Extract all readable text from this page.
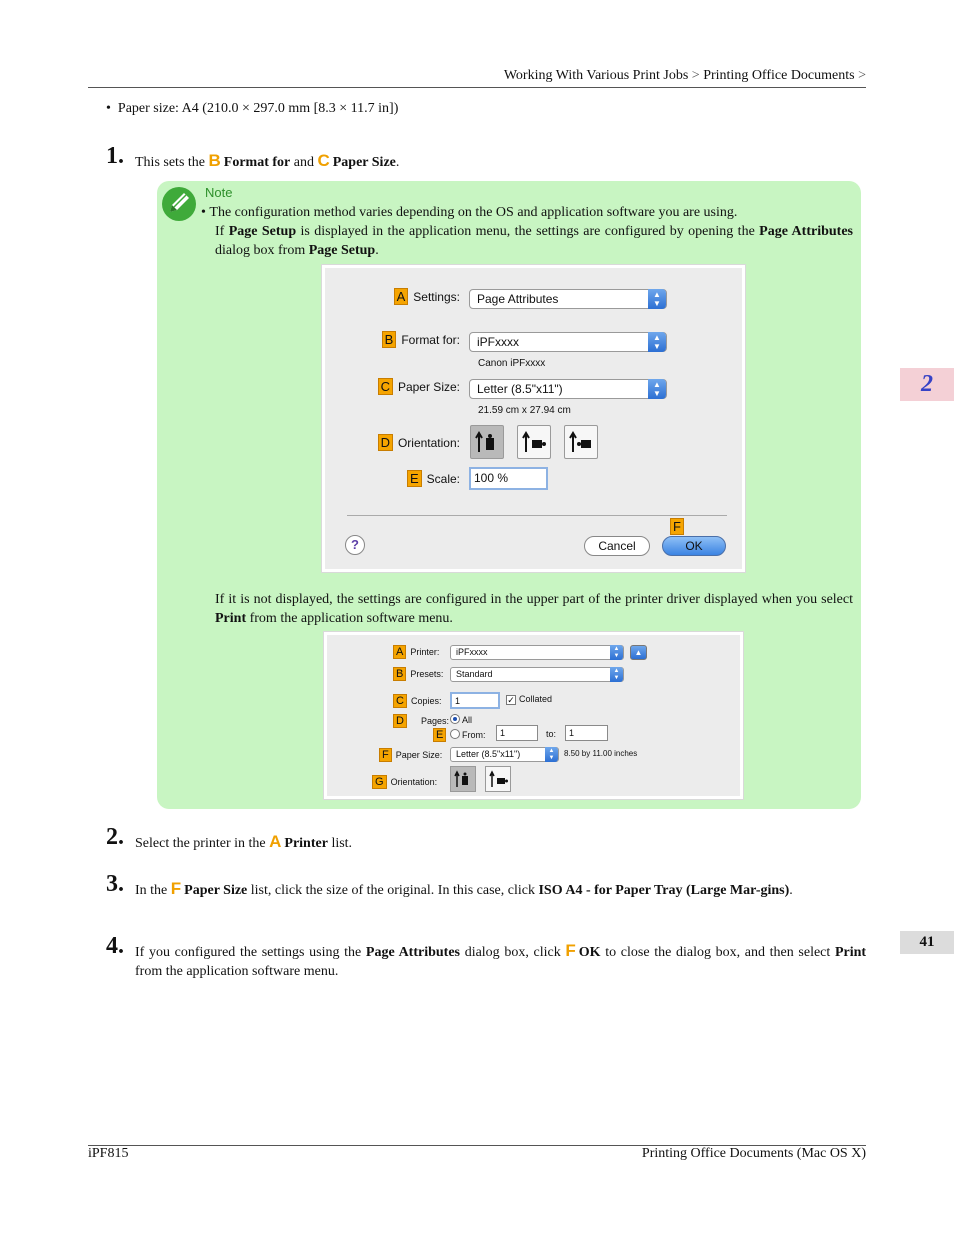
Working With Various Print Jobs > Printing Office Documents >
•  Paper size: A4 (210.0 × 297.0 mm [8.3 × 11.7 in])
1. This sets the B Format for and C Paper Size.
Note
• The configuration method varies depending on the OS and application software you are using.
If Page Setup is displayed in the application menu, the settings are configured by opening the Page Attributes dialog box from Page Setup.
A Settings:	Page Attributes	▲
▼
B Format for:	iPFxxxx	▲
▼
Canon iPFxxxx
C Paper Size:	Letter (8.5"x11")	▲
▼
21.59 cm x 27.94 cm
D Orientation:
E Scale:	100 %
F
?	Cancel	OK
If it is not displayed, the settings are configured in the upper part of the printer driver displayed when you select Print from the application software menu.
A Printer:	iPFxxxx	▲
▼	▲
B Presets:	Standard	▲
▼
C Copies:	1	✓ Collated
D Pages:	All
E	From:	1	to:	1
F Paper Size:	Letter (8.5"x11")	▲
▼	8.50 by 11.00 inches
G Orientation:
2. Select the printer in the A Printer list.
3. In the F Paper Size list, click the size of the original. In this case, click ISO A4 - for Paper Tray (Large Mar-gins).
4. If you configured the settings using the Page Attributes dialog box, click F OK to close the dialog box, and then select Print from the application software menu.
2
41
iPF815	Printing Office Documents (Mac OS X)
